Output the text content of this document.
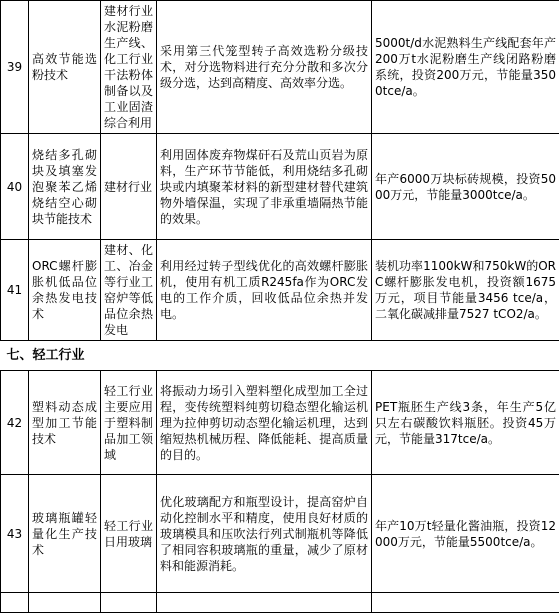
39	高效节能选粉技术	建材行业水泥粉磨生产线、化工行业干法粉体制备以及工业固渣综合利用	采用第三代笼型转子高效选粉分级技术，对分选物料进行充分分散和多次分级分选，达到高精度、高效率分选。	5000t/d水泥熟料生产线配套年产200万t水泥粉磨生产线闭路粉磨系统，投资200万元，节能量3500tce/a。
40	烧结多孔砌块及填塞发泡聚苯乙烯烧结空心砌块节能技术	建材行业	利用固体废弃物煤矸石及荒山页岩为原料，生产环节节能低，利用烧结多孔砌块或内填聚苯材料的新型建材替代建筑物外墙保温，实现了非承重墙隔热节能的效果。	年产6000万块标砖规模，投资5000万元，节能量3000tce/a。
41	ORC螺杆膨胀机低品位余热发电技术	建材、化工、冶金等行业工窑炉等低品位余热发电	利用经过转子型线优化的高效螺杆膨胀机，使用有机工质R245fa作为ORC发电的工作介质，回收低品位余热并发电。	装机功率1100kW和750kW的ORC螺杆膨胀发电机，投资额1675万元，项目节能量3456 tce/a，二氧化碳减排量7527 tCO2/a。
七、轻工行业				
42	塑料动态成型加工节能技术	轻工行业主要应用于塑料制品加工领域	将振动力场引入塑料塑化成型加工全过程，变传统塑料纯剪切稳态塑化输运机理为拉伸剪切动态塑化输运机理，达到缩短热机械历程、降低能耗、提高质量的目的。	PET瓶胚生产线3条，年生产5亿只左右碳酸饮料瓶胚。投资45万元，节能量317tce/a。
43	玻璃瓶罐轻量化生产技术	轻工行业日用玻璃	优化玻璃配方和瓶型设计，提高窑炉自动化控制水平和精度，使用良好材质的玻璃模具和压吹法行列式制瓶机等降低了相同容积玻璃瓶的重量，减少了原材料和能源消耗。	年产10万t轻量化酱油瓶，投资12000万元，节能量5500tce/a。
